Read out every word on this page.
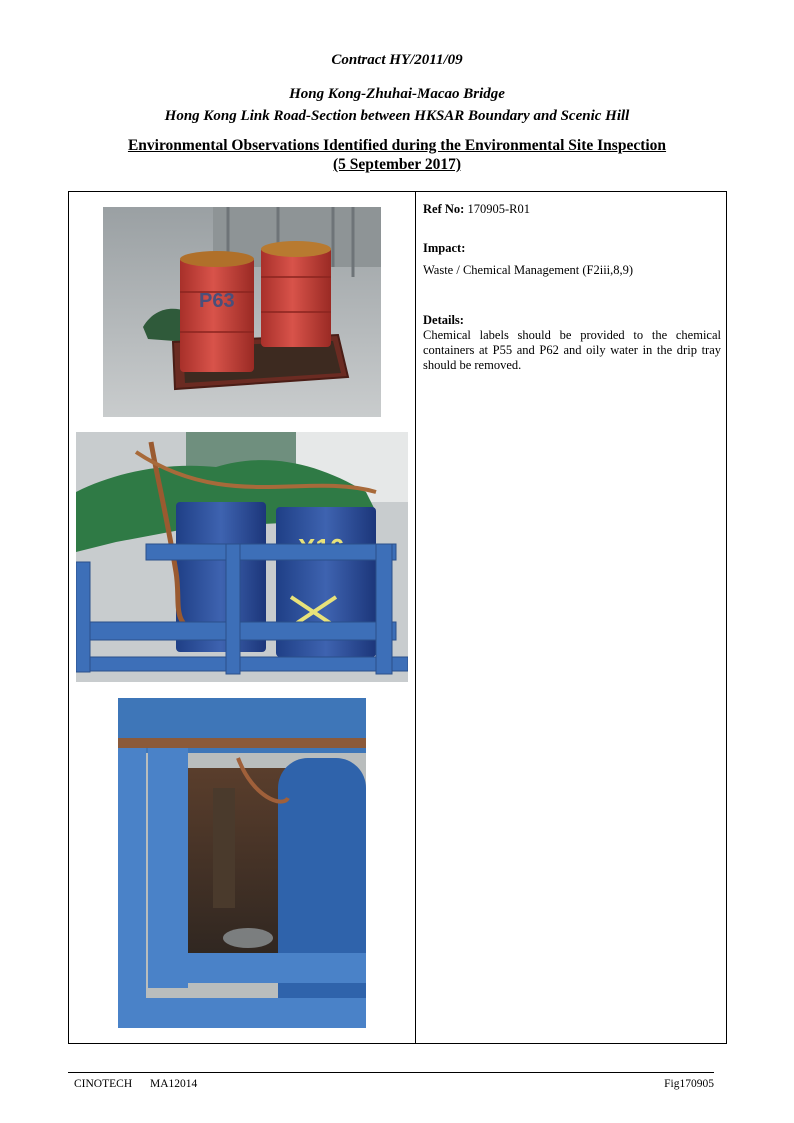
Contract HY/2011/09
Hong Kong-Zhuhai-Macao Bridge
Hong Kong Link Road-Section between HKSAR Boundary and Scenic Hill
Environmental Observations Identified during the Environmental Site Inspection
(5 September 2017)
P63
Ref No: 170905-R01
Impact:
Waste / Chemical Management (F2iii,8,9)
Details:
Chemical labels should be provided to the chemical containers at P55 and P62 and oily water in the drip tray should be removed.
CINOTECH MA12014	Fig170905
